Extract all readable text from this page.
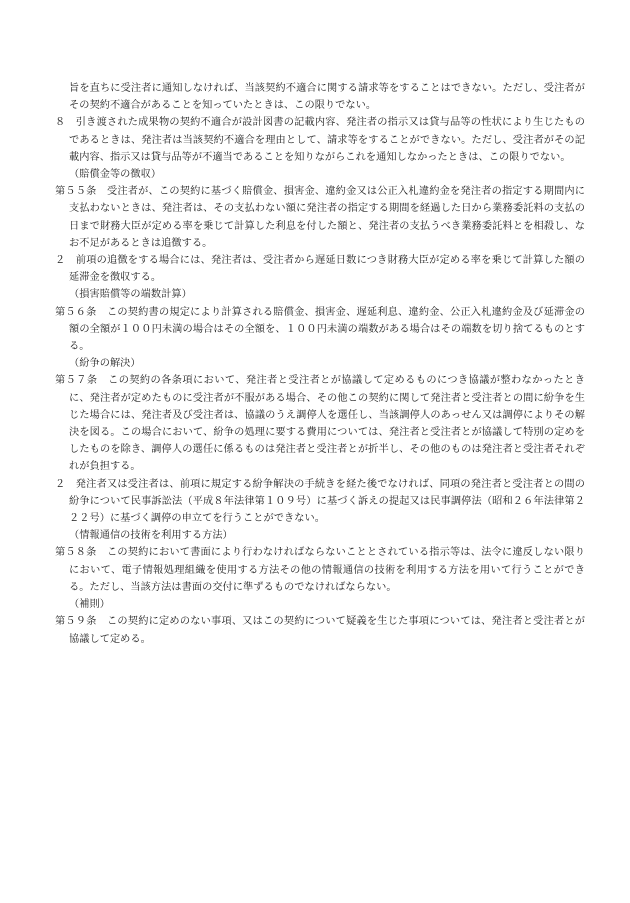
旨を直ちに受注者に通知しなければ、当該契約不適合に関する請求等をすることはできない。ただし、受注者がその契約不適合があることを知っていたときは、この限りでない。

８　引き渡された成果物の契約不適合が設計図書の記載内容、発注者の指示又は貸与品等の性状により生じたものであるときは、発注者は当該契約不適合を理由として、請求等をすることができない。ただし、受注者がその記載内容、指示又は貸与品等が不適当であることを知りながらこれを通知しなかったときは、この限りでない。

（賠償金等の徴収）

第５５条　受注者が、この契約に基づく賠償金、損害金、違約金又は公正入札違約金を発注者の指定する期間内に支払わないときは、発注者は、その支払わない額に発注者の指定する期間を経過した日から業務委託料の支払の日まで財務大臣が定める率を乗じて計算した利息を付した額と、発注者の支払うべき業務委託料とを相殺し、なお不足があるときは追徴する。

２　前項の追徴をする場合には、発注者は、受注者から遅延日数につき財務大臣が定める率を乗じて計算した額の延滞金を徴収する。

（損害賠償等の端数計算）

第５６条　この契約書の規定により計算される賠償金、損害金、遅延利息、違約金、公正入札違約金及び延滞金の額の全額が１００円未満の場合はその全額を、１００円未満の端数がある場合はその端数を切り捨てるものとする。

（紛争の解決）

第５７条　この契約の各条項において、発注者と受注者とが協議して定めるものにつき協議が整わなかったときに、発注者が定めたものに受注者が不服がある場合、その他この契約に関して発注者と受注者との間に紛争を生じた場合には、発注者及び受注者は、協議のうえ調停人を選任し、当該調停人のあっせん又は調停によりその解決を図る。この場合において、紛争の処理に要する費用については、発注者と受注者とが協議して特別の定めをしたものを除き、調停人の選任に係るものは発注者と受注者とが折半し、その他のものは発注者と受注者それぞれが負担する。

２　発注者又は受注者は、前項に規定する紛争解決の手続きを経た後でなければ、同項の発注者と受注者との間の紛争について民事訴訟法（平成８年法律第１０９号）に基づく訴えの提起又は民事調停法（昭和２６年法律第２２２号）に基づく調停の申立てを行うことができない。

（情報通信の技術を利用する方法）

第５８条　この契約において書面により行わなければならないこととされている指示等は、法令に違反しない限りにおいて、電子情報処理組織を使用する方法その他の情報通信の技術を利用する方法を用いて行うことができる。ただし、当該方法は書面の交付に準ずるものでなければならない。

（補則）

第５９条　この契約に定めのない事項、又はこの契約について疑義を生じた事項については、発注者と受注者とが協議して定める。
